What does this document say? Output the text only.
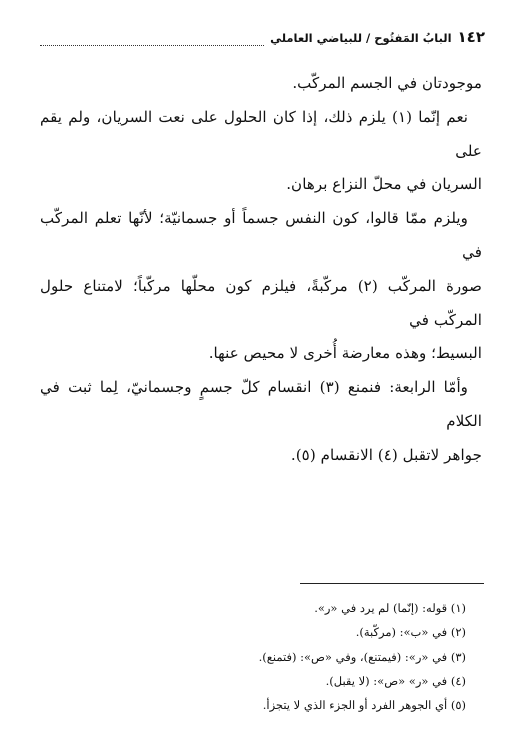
١٤٢
البابُ المَفتُوح / للبياضي العاملي

موجودتان في الجسم المركّب.

نعم إنّما (١) يلزم ذلك، إذا كان الحلول على نعت السريان، ولم يقم على

السريان في محلّ النزاع برهان.

ويلزم ممّا قالوا، كون النفس جسماً أو جسمانيّة؛ لأنّها تعلم المركّب في

صورة المركّب (٢) مركّبةً، فيلزم كون محلّها مركّباً؛ لامتناع حلول المركّب في

البسيط؛ وهذه معارضة أُخرى لا محيص عنها.

وأمّا الرابعة: فنمنع (٣) انقسام كلّ جسمٍ وجسمانيّ، لِما ثبت في الكلام

جواهر لاتقبل (٤) الانقسام (٥).

(١) قوله: (إنّما) لم يرد في «ر».

(٢) في «ب»: (مركّبة).

(٣) في «ر»: (فيمتنع)، وفي «ص»: (فتمنع).

(٤) في «ر» «ص»: (لا يقبل).

(٥) أي الجوهر الفرد أو الجزء الذي لا يتجزأ.
